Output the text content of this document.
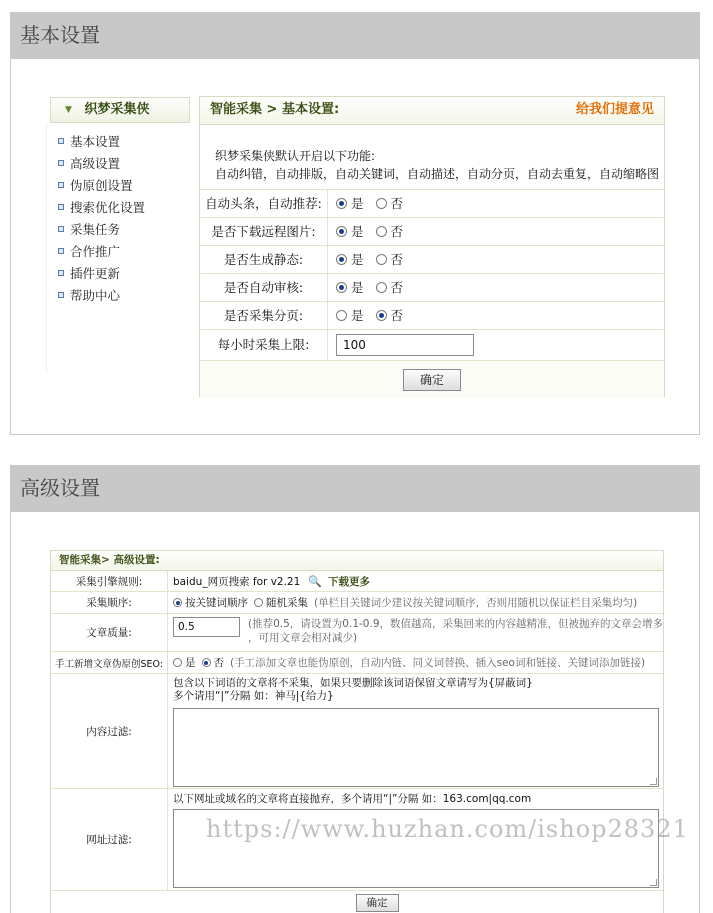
基本设置
▼ 织梦采集侠
基本设置
高级设置
伪原创设置
搜索优化设置
采集任务
合作推广
插件更新
帮助中心
智能采集 > 基本设置:	给我们提意见
织梦采集侠默认开启以下功能:
自动纠错，自动排版，自动关键词，自动描述，自动分页，自动去重复，自动缩略图
自动头条，自动推荐:	是 否
是否下载远程图片:	是 否
是否生成静态:	是 否
是否自动审核:	是 否
是否采集分页:	是 否
每小时采集上限:	100
确定
高级设置
智能采集> 高级设置:
采集引擎规则:	baidu_网页搜索 for v2.21 🔍 下载更多
采集顺序:	按关键词顺序 随机采集 (单栏目关键词少建议按关键词顺序，否则用随机以保证栏目采集均匀)
文章质量:	0.5	(推荐0.5，请设置为0.1-0.9，数值越高，采集回来的内容越精准，但被抛弃的文章会增多
，可用文章会相对减少)
手工新增文章伪原创SEO:	是 否 (手工添加文章也能伪原创，自动内链、同义词替换、插入seo词和链接、关键词添加链接)
内容过滤:
包含以下词语的文章将不采集，如果只要删除该词语保留文章请写为{屏蔽词}
多个请用“|”分隔 如：神马|{给力}
网址过滤:
以下网址或域名的文章将直接抛弃，多个请用“|”分隔 如：163.com|qq.com
确定
https://www.huzhan.com/ishop28321
